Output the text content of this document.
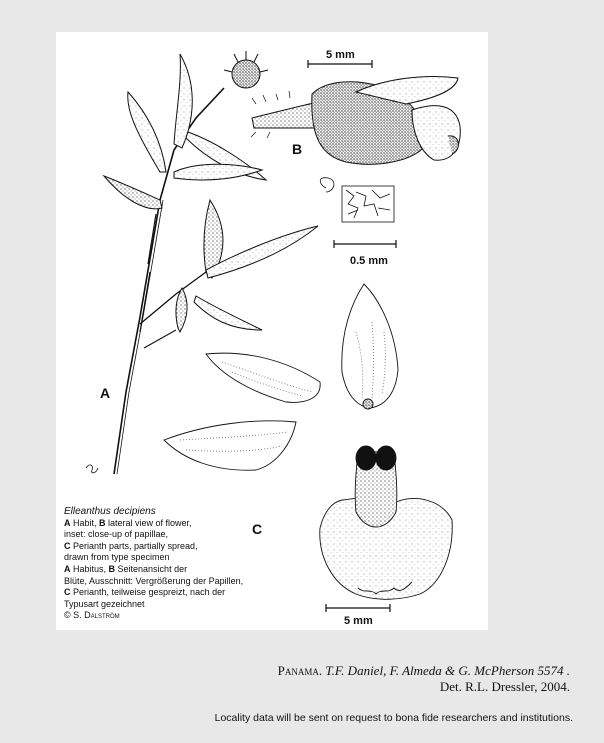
A
B
5 mm
0.5 mm
C
5 mm
Elleanthus decipiens
A Habit, B lateral view of flower,
inset: close-up of papillae,
C Perianth parts, partially spread,
drawn from type specimen
A Habitus, B Seitenansicht der
Blüte, Ausschnitt: Vergrößerung der Papillen,
C Perianth, teilweise gespreizt, nach der
Typusart gezeichnet
© S. Dalström
Panama. T.F. Daniel, F. Almeda & G. McPherson 5574 .
Det. R.L. Dressler, 2004.
Locality data will be sent on request to bona fide researchers and institutions.
